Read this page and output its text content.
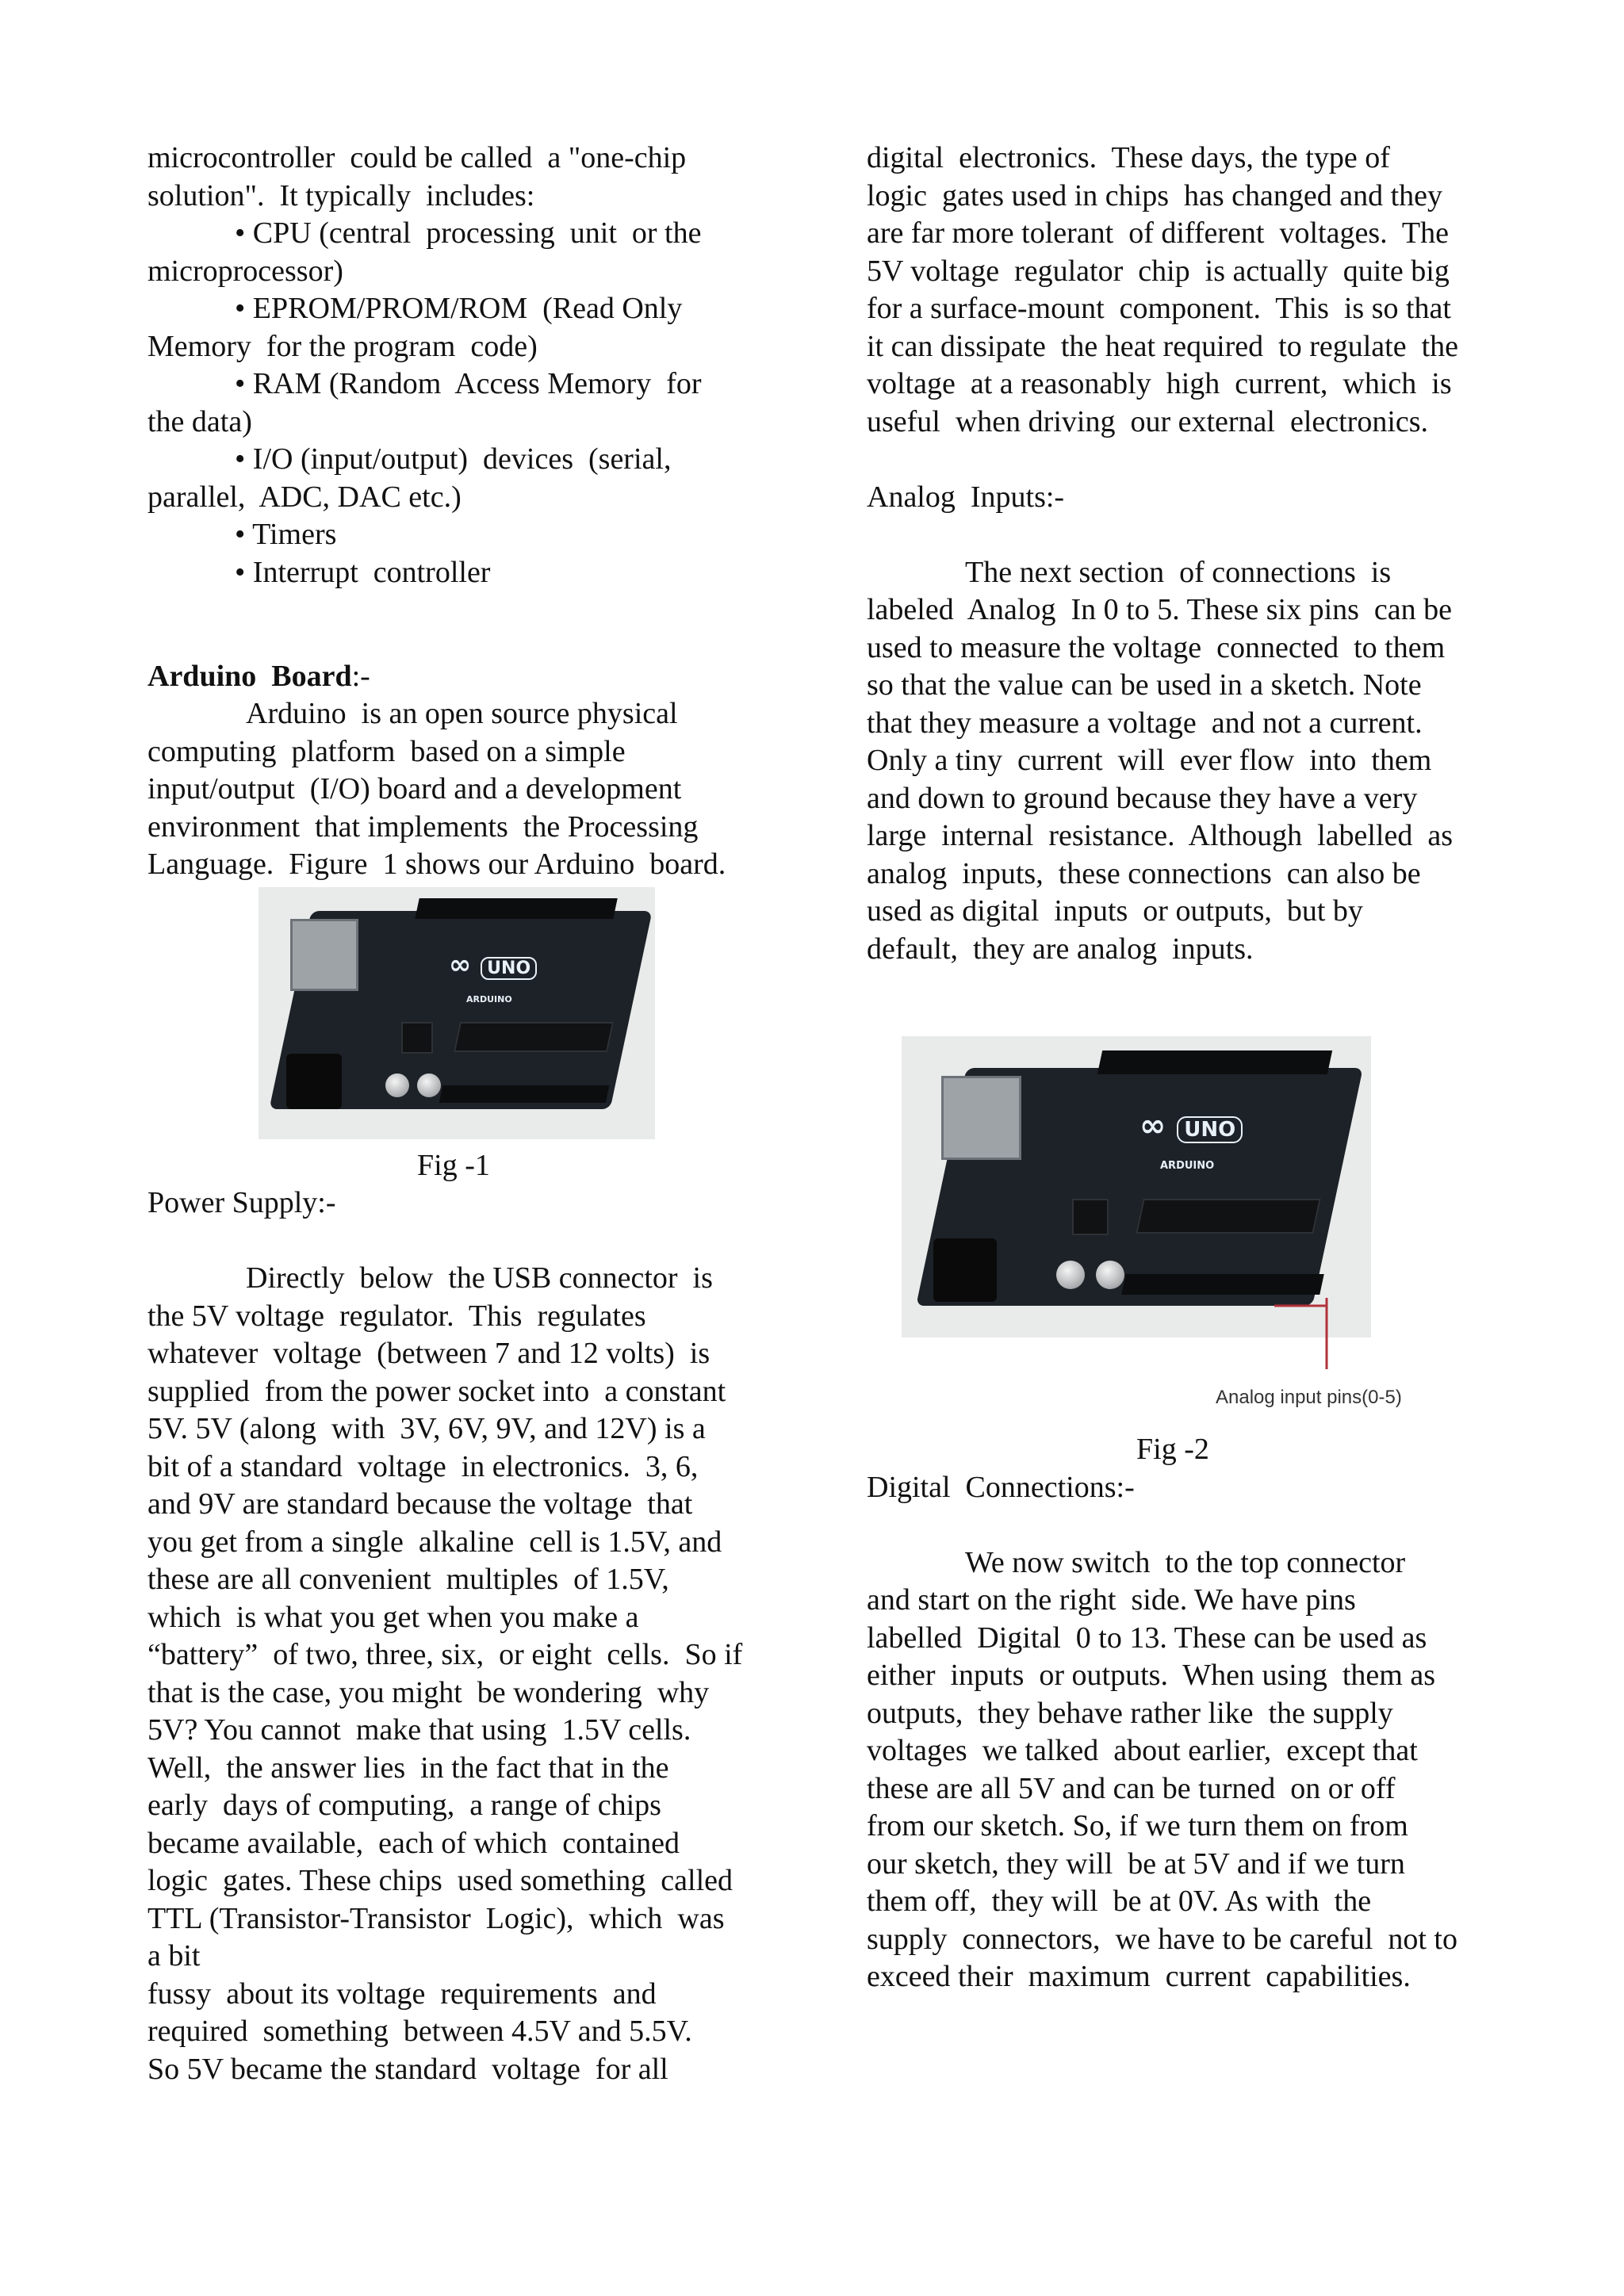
microcontroller  could be called  a "one-chip
solution".  It typically  includes:
• CPU (central  processing  unit  or the
microprocessor)
• EPROM/PROM/ROM  (Read Only
Memory  for the program  code)
• RAM (Random  Access Memory  for
the data)
• I/O (input/output)  devices  (serial,
parallel,  ADC, DAC etc.)
• Timers
• Interrupt  controller
Arduino  Board:-
Arduino  is an open source physical
computing  platform  based on a simple
input/output  (I/O) board and a development
environment  that implements  the Processing
Language.  Figure  1 shows our Arduino  board.
∞ UNO
ARDUINO
Fig -1
Power Supply:-
Directly  below  the USB connector  is
the 5V voltage  regulator.  This  regulates
whatever  voltage  (between 7 and 12 volts)  is
supplied  from the power socket into  a constant
5V. 5V (along  with  3V, 6V, 9V, and 12V) is a
bit of a standard  voltage  in electronics.  3, 6,
and 9V are standard because the voltage  that
you get from a single  alkaline  cell is 1.5V, and
these are all convenient  multiples  of 1.5V,
which  is what you get when you make a
“battery”  of two, three, six,  or eight  cells.  So if
that is the case, you might  be wondering  why
5V? You cannot  make that using  1.5V cells.
Well,  the answer lies  in the fact that in the
early  days of computing,  a range of chips
became available,  each of which  contained
logic  gates. These chips  used something  called
TTL (Transistor-Transistor  Logic),  which  was
a bit
fussy  about its voltage  requirements  and
required  something  between 4.5V and 5.5V.
So 5V became the standard  voltage  for all
digital  electronics.  These days, the type of
logic  gates used in chips  has changed and they
are far more tolerant  of different  voltages.  The
5V voltage  regulator  chip  is actually  quite big
for a surface-mount  component.  This  is so that
it can dissipate  the heat required  to regulate  the
voltage  at a reasonably  high  current,  which  is
useful  when driving  our external  electronics.
Analog  Inputs:-
The next section  of connections  is
labeled  Analog  In 0 to 5. These six pins  can be
used to measure the voltage  connected  to them
so that the value can be used in a sketch. Note
that they measure a voltage  and not a current.
Only a tiny  current  will  ever flow  into  them
and down to ground because they have a very
large  internal  resistance.  Although  labelled  as
analog  inputs,  these connections  can also be
used as digital  inputs  or outputs,  but by
default,  they are analog  inputs.
∞ UNO
ARDUINO
Analog input pins(0-5)
Fig -2
Digital  Connections:-
We now switch  to the top connector
and start on the right  side. We have pins
labelled  Digital  0 to 13. These can be used as
either  inputs  or outputs.  When using  them as
outputs,  they behave rather like  the supply
voltages  we talked  about earlier,  except that
these are all 5V and can be turned  on or off
from our sketch. So, if we turn them on from
our sketch, they will  be at 5V and if we turn
them off,  they will  be at 0V. As with  the
supply  connectors,  we have to be careful  not to
exceed their  maximum  current  capabilities.
